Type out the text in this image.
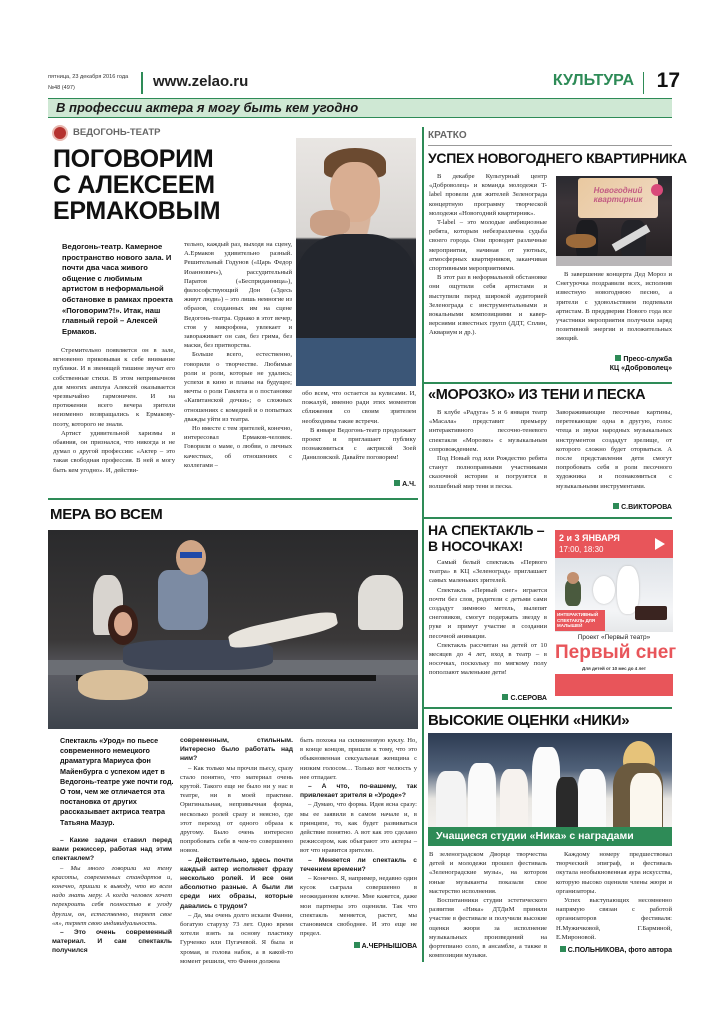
пятница, 23 декабря 2016 года
№48 (497)	www.zelao.ru	КУЛЬТУРА 17
В профессии актера я могу быть кем угодно
ВЕДОГОНЬ-ТЕАТР
ПОГОВОРИМ
С АЛЕКСЕЕМ
ЕРМАКОВЫМ
Ведогонь-театр. Камерное пространство нового зала. И почти два часа живого общение с любимым артистом в неформальной обстановке в рамках проекта «Поговорим?!». Итак, наш главный герой – Алексей Ермаков.

Стремительно появляется он в зале, мгновенно приковывая к себе внимание публики. И в звенящей тишине звучат его собственные стихи. В этом непривычном для многих амплуа Алексей оказывается чрезвычайно гармоничен. И на протяжении всего вечера зрители неизменно возвращались к Ермакову-поэту, которого не знали.

Артист удивительной харизмы и обаяния, он признался, что никогда и не думал о другой профессии: «Актер – это такая свободная профессия. В ней я могу быть кем угодно». И, действи-

тельно, каждый раз, выходя на сцену, А.Ермаков удивительно разный. Решительный Годунов («Царь Федор Иоаннович»), рассудительный Паратов («Бесприданница»), философствующий Дон («Здесь живут люди») – это лишь немногие из образов, созданных им на сцене Ведогонь-театра. Однако в этот вечер, стоя у микрофона, увлекает и завораживает он сам, без грима, без маски, без притворства.

Больше всего, естественно, говорили о творчестве. Любимые роли и роли, которые не удались; успехи в кино и планы на будущее; мечты о роли Гамлета и о постановке «Капитанской дочки»; о сложных отношениях с комедией и о попытках дважды уйти из театра.

Но вместе с тем зрителей, конечно, интересовал Ермаков-человек. Говорили о маме, о любви, о личных качествах, об отношениях с коллегами –

обо всем, что остается за кулисами. И, пожалуй, именно ради этих моментов сближения со своим зрителем необходимы такие встречи.

В январе Ведогонь-театр продолжает проект и приглашает публику познакомиться с актрисой Зоей Даниловской. Давайте поговорим!

А.Ч.
МЕРА ВО ВСЕМ
Спектакль «Урод» по пьесе современного немецкого драматурга Мариуса фон Майенбурга с успехом идет в Ведогонь-театре уже почти год. О том, чем же отличается эта постановка от других рассказывает актриса театра Татьяна Мазур.
– Какие задачи ставил перед вами режиссер, работая над этим спектаклем?

– Мы много говорили на тему красоты, современных стандартов и, конечно, пришли к выводу, что во всем надо знать меру. А когда человек хочет перекроить себя полностью в угоду другим, он, естественно, теряет свое «я», теряет свою индивидуальность.

– Это очень современный материал. И сам спектакль получился
современным, стильным. Интересно было работать над ним?

– Как только мы прочли пьесу, сразу стало понятно, что материал очень крутой. Такого еще не было ни у нас в театре, ни в моей практике. Оригинальная, непривычная форма, несколько ролей сразу и неясно, где этот переход от одного образа к другому. Было очень интересно попробовать себя в чем-то совершенно новом.

– Действительно, здесь почти каждый актер исполняет фразу несколько ролей. И все они абсолютно разные. А были ли среди них образы, которые давались с трудом?

– Да, мы очень долго искали Фанни, богатую старуху 73 лет. Одно время хотели взять за основу пластику Гурченко или Пугачевой. Я была и хромая, и голова набок, а в какой-то момент решили, что Фанни должна

быть похожа на силиконовую куклу. Но, в конце концов, пришли к тому, что это обыкновенная сексуальная женщина с низким голосом… Только вот челюсть у нее отпадает.

– А что, по-вашему, так привлекает зрителя в «Уроде»?

– Думаю, что форма. Идея ясна сразу: мы ее заявили в самом начале и, в принципе, то, как будет развиваться действие понятно. А вот как это сделано режиссером, как обыграют это актеры – вот что нравится зрителю.

– Меняется ли спектакль с течением времени?

– Конечно. Я, например, недавно один кусок сыграла совершенно в неожиданном ключе. Мне кажется, даже мои партнеры это оценили. Так что спектакль меняется, растет, мы становимся свободнее. И это еще не предел.

А.ЧЕРНЫШОВА
КРАТКО
УСПЕХ НОВОГОДНЕГО КВАРТИРНИКА

В декабре Культурный центр «Доброволец» и команда молодежи T-label провели для жителей Зеленограда концертную программу творческой молодежи «Новогодний квартирник».

T-label – это молодые амбициозные ребята, которым небезразлична судьба своего города. Они проводят различные мероприятия, начиная от уютных, атмосферных квартирников, заканчивая спортивными мероприятиями.

В этот раз в неформальной обстановке они ощутили себя артистами и выступили перед широкой аудиторией Зеленограда с инструментальными и вокальными композициями и кавер-версиями известных групп (ДДТ, Сплин, Аквариум и др.).

Новогодний квартирник

В завершение концерта Дед Мороз и Снегурочка поздравили всех, исполнив известную новогоднюю песню, а зрители с удовольствием подпевали артистам. В преддверии Нового года все участники мероприятия получили заряд позитивной энергии и положительных эмоций.

Пресс-служба
КЦ «Доброволец»
«МОРОЗКО» ИЗ ТЕНИ И ПЕСКА

В клубе «Радуга» 5 и 6 января театр «Масала» представит премьеру интерактивного песочно-теневого спектакля «Морозко» с музыкальным сопровождением.

Под Новый год или Рождество ребята станут полноправными участниками сказочной истории и погрузятся в волшебный мир тени и песка.

Завораживающие песочные картины, перетекающие одна в другую, голос чтеца и звуки народных музыкальных инструментов создадут зрелище, от которого сложно будет оторваться. А после представления дети смогут попробовать себя в роли песочного художника и познакомиться с музыкальными инструментами.

С.ВИКТОРОВА
НА СПЕКТАКЛЬ –
В НОСОЧКАХ!

Самый белый спектакль «Первого театра» в КЦ «Зеленоград» приглашает самых маленьких зрителей.

Спектакль «Первый снег» играется почти без слов, родители с детьми сами создадут зимнюю метель, вылепят снеговиков, смогут подержать звезду в руке и примут участие в создании песочной анимации.

Спектакль рассчитан на детей от 10 месяцев до 4 лет, вход в театр – в носочках, поскольку по мягкому полу поползают маленькие дети!

С.СЕРОВА
2 и 3 ЯНВАРЯ
17:00, 18:30
ИНТЕРАКТИВНЫЙ СПЕКТАКЛЬ ДЛЯ МАЛЫШЕЙ
Проект «Первый театр»
Первый снег
Для детей от 10 мес до 4 лет
ВЫСОКИЕ ОЦЕНКИ «НИКИ»
Учащиеся студии «Ника» с наградами

В зеленоградском Дворце творчества детей и молодежи прошел фестиваль «Зеленоградские музы», на котором юные музыканты показали свое мастерство исполнения.

Воспитанники студии эстетического развития «Ника» ДТДиМ приняли участие в фестивале и получили высокие оценки жюри за исполнение музыкальных произведений на фортепиано соло, в ансамбле, а также в композиции музыки.

Каждому номеру предшествовал творческий эпиграф, и фестиваль окутала необыкновенная аура искусства, которую высоко оценили члены жюри и организаторы.

Успех выступающих несомненно напрямую связан с работой организаторов фестиваля: Н.Мужичковой, Г.Барминой, Е.Мироновой.

С.ПОЛЬНИКОВА, фото автора
